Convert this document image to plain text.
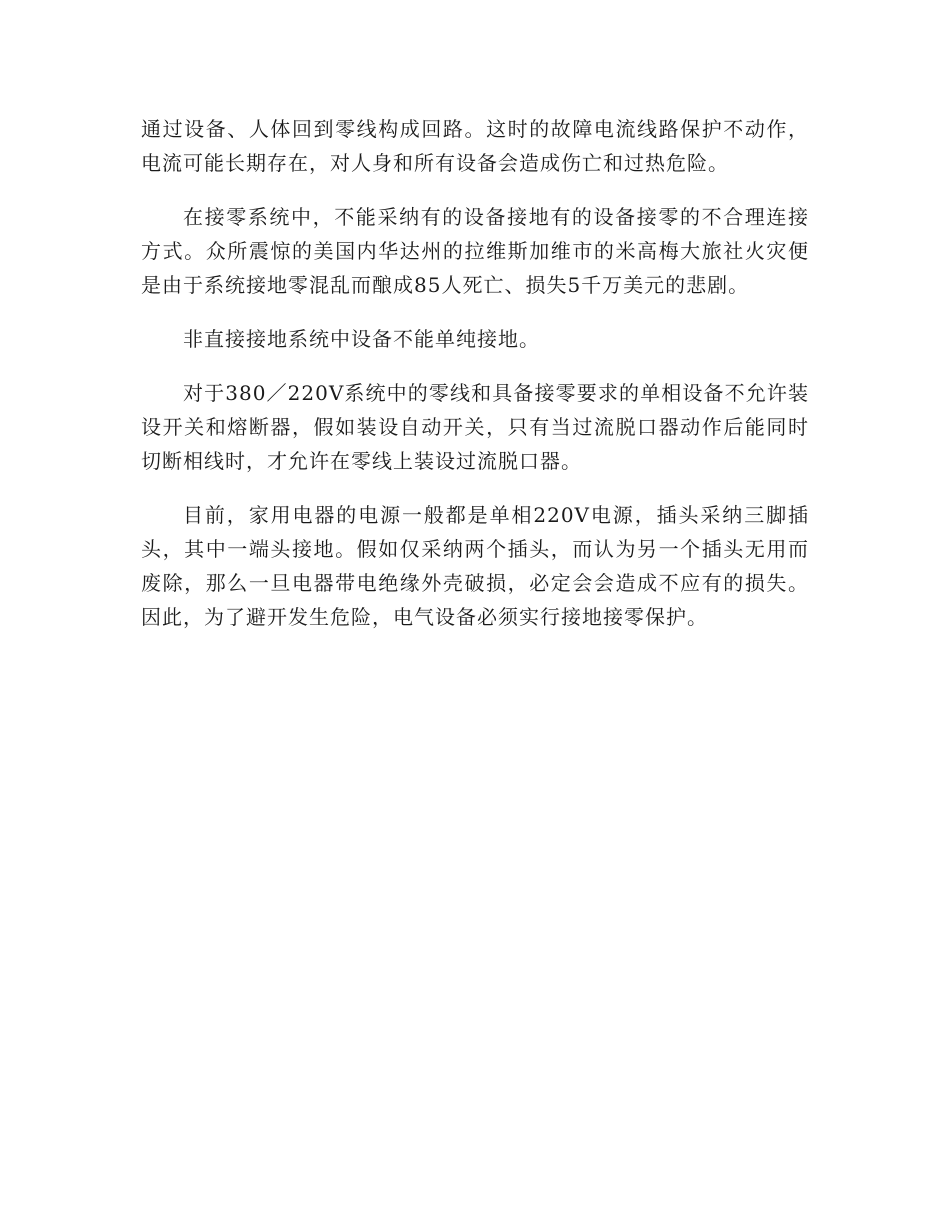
通过设备、人体回到零线构成回路。这时的故障电流线路保护不动作，电流可能长期存在，对人身和所有设备会造成伤亡和过热危险。

在接零系统中，不能采纳有的设备接地有的设备接零的不合理连接方式。众所震惊的美国内华达州的拉维斯加维市的米高梅大旅社火灾便是由于系统接地零混乱而酿成85人死亡、损失5千万美元的悲剧。

非直接接地系统中设备不能单纯接地。

对于380／220V系统中的零线和具备接零要求的单相设备不允许装设开关和熔断器，假如装设自动开关，只有当过流脱口器动作后能同时切断相线时，才允许在零线上装设过流脱口器。

目前，家用电器的电源一般都是单相220V电源，插头采纳三脚插头，其中一端头接地。假如仅采纳两个插头，而认为另一个插头无用而废除，那么一旦电器带电绝缘外壳破损，必定会会造成不应有的损失。因此，为了避开发生危险，电气设备必须实行接地接零保护。
